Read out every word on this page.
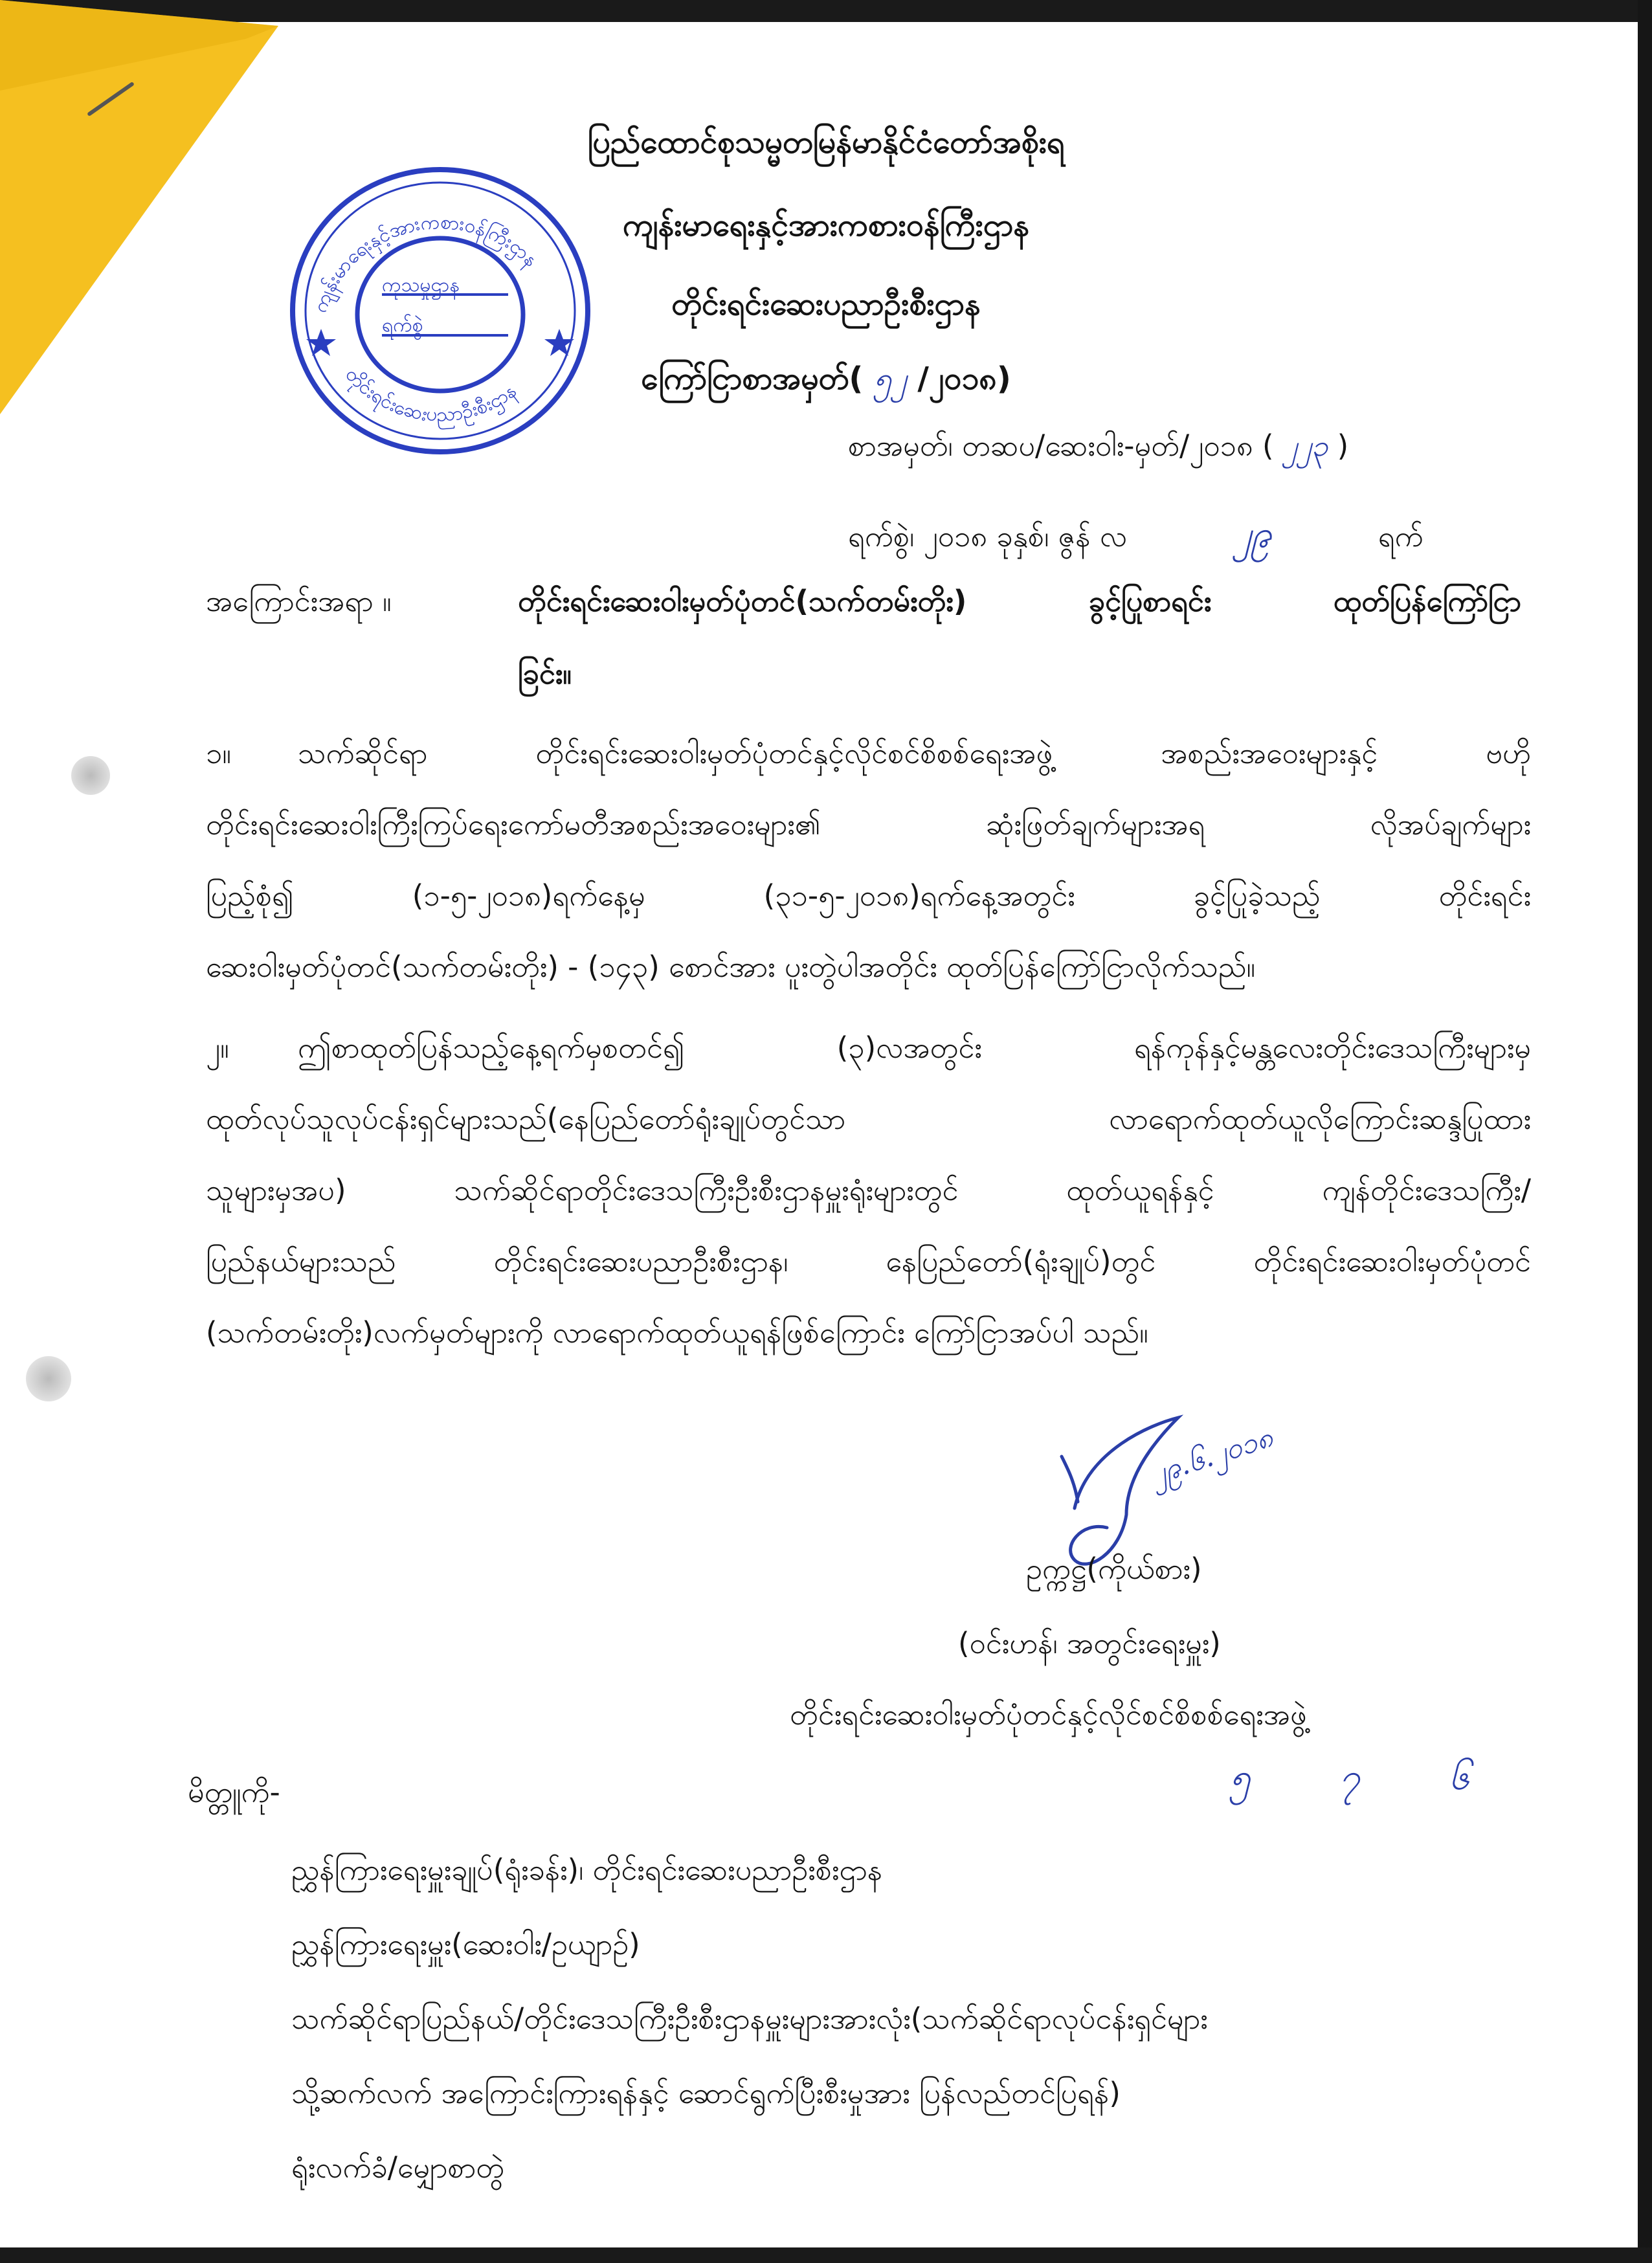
ကုသမှုဌာန
ရက်စွဲ
ကျန်းမာရေးနှင့်အားကစားဝန်ကြီးဌာန
တိုင်းရင်းဆေးပညာဦးစီးဌာန
ပြည်ထောင်စုသမ္မတမြန်မာနိုင်ငံတော်အစိုးရ
ကျန်းမာရေးနှင့်အားကစားဝန်ကြီးဌာန
တိုင်းရင်းဆေးပညာဦးစီးဌာန
ကြော်ငြာစာအမှတ်( ၅၂ /၂၀၁၈)
စာအမှတ်၊ တဆပ/ဆေးဝါး-မှတ်/၂၀၁၈ ( ၂၂၃ )
ရက်စွဲ၊ ၂၀၁၈ ခုနှစ်၊ ဇွန် လ	၂၉	ရက်
အကြောင်းအရာ ။	တိုင်းရင်းဆေးဝါးမှတ်ပုံတင်(သက်တမ်းတိုး) ခွင့်ပြုစာရင်း ထုတ်ပြန်ကြော်ငြာ
ခြင်း။
၁။ သက်ဆိုင်ရာ တိုင်းရင်းဆေးဝါးမှတ်ပုံတင်နှင့်လိုင်စင်စိစစ်ရေးအဖွဲ့ အစည်းအဝေးများနှင့် ဗဟို
တိုင်းရင်းဆေးဝါးကြီးကြပ်ရေးကော်မတီအစည်းအဝေးများ၏ ဆုံးဖြတ်ချက်များအရ လိုအပ်ချက်များ
ပြည့်စုံ၍ (၁-၅-၂၀၁၈)ရက်နေ့မှ (၃၁-၅-၂၀၁၈)ရက်နေ့အတွင်း ခွင့်ပြုခဲ့သည့် တိုင်းရင်း
ဆေးဝါးမှတ်ပုံတင်(သက်တမ်းတိုး) - (၁၄၃) စောင်အား ပူးတွဲပါအတိုင်း ထုတ်ပြန်ကြော်ငြာလိုက်သည်။
၂။ ဤစာထုတ်ပြန်သည့်နေ့ရက်မှစတင်၍ (၃)လအတွင်း ရန်ကုန်နှင့်မန္တလေးတိုင်းဒေသကြီးများမှ
ထုတ်လုပ်သူလုပ်ငန်းရှင်များသည်(နေပြည်တော်ရုံးချုပ်တွင်သာ လာရောက်ထုတ်ယူလိုကြောင်းဆန္ဒပြုထား
သူများမှအပ) သက်ဆိုင်ရာတိုင်းဒေသကြီးဦးစီးဌာနမှူးရုံးများတွင် ထုတ်ယူရန်နှင့် ကျန်တိုင်းဒေသကြီး/
ပြည်နယ်များသည် တိုင်းရင်းဆေးပညာဦးစီးဌာန၊ နေပြည်တော်(ရုံးချုပ်)တွင် တိုင်းရင်းဆေးဝါးမှတ်ပုံတင်
(သက်တမ်းတိုး)လက်မှတ်များကို လာရောက်ထုတ်ယူရန်ဖြစ်ကြောင်း ကြော်ငြာအပ်ပါ သည်။
၂၉.၆.၂၀၁၈
ဥက္ကဋ္ဌ(ကိုယ်စား)
(ဝင်းဟန်၊ အတွင်းရေးမှူး)
တိုင်းရင်းဆေးဝါးမှတ်ပုံတင်နှင့်လိုင်စင်စိစစ်ရေးအဖွဲ့
၅ ၇ ၆
မိတ္တူကို-
ညွှန်ကြားရေးမှူးချုပ်(ရုံးခန်း)၊ တိုင်းရင်းဆေးပညာဦးစီးဌာန
ညွှန်ကြားရေးမှူး(ဆေးဝါး/ဥယျာဉ်)
သက်ဆိုင်ရာပြည်နယ်/တိုင်းဒေသကြီးဦးစီးဌာနမှူးများအားလုံး(သက်ဆိုင်ရာလုပ်ငန်းရှင်များ
သို့ဆက်လက် အကြောင်းကြားရန်နှင့် ဆောင်ရွက်ပြီးစီးမှုအား ပြန်လည်တင်ပြရန်)
ရုံးလက်ခံ/မျှောစာတွဲ
